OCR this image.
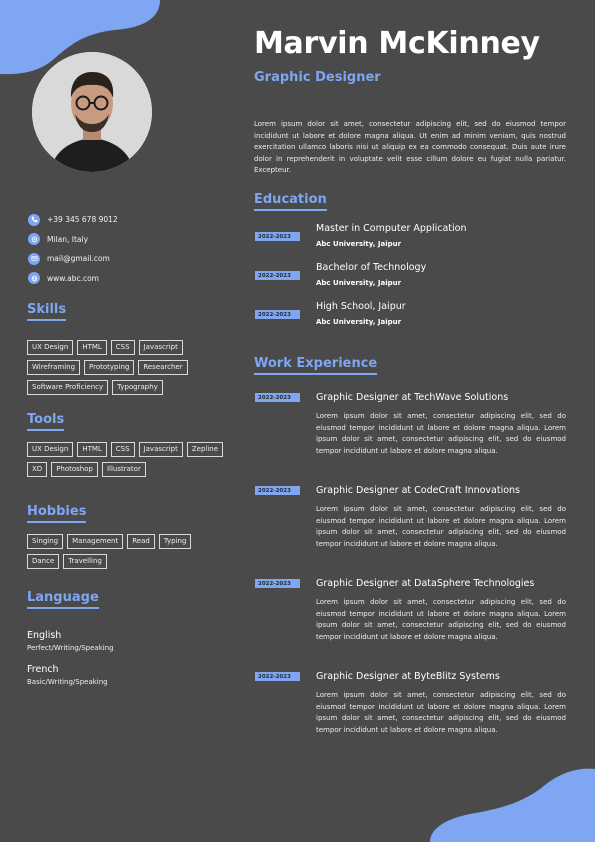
+39 345 678 9012
Milan, Italy
mail@gmail.com
www.abc.com
Skills
UX Design	HTML	CSS	Javascript
Wireframing	Prototyping	Researcher
Software Proficiency	Typography
Tools
UX Design	HTML	CSS	Javascript	Zepline
XD	Photoshop	Illustrator
Hobbies
Singing	Management	Read	Typing
Dance	Travelling
Language
English
Perfect/Writing/Speaking
French
Basic/Writing/Speaking
Marvin McKinney
Graphic Designer
Lorem ipsum dolor sit amet, consectetur adipiscing elit, sed do eiusmod tempor incididunt ut labore et dolore magna aliqua. Ut enim ad minim veniam, quis nostrud exercitation ullamco laboris nisi ut aliquip ex ea commodo consequat. Duis aute irure dolor in reprehenderit in voluptate velit esse cillum dolore eu fugiat nulla pariatur. Excepteur.
Education
2022-2023
Master in Computer Application
Abc University, Jaipur
2022-2023
Bachelor of Technology
Abc University, Jaipur
2022-2023
High School, Jaipur
Abc University, Jaipur
Work Experience
2022-2023	Graphic Designer at TechWave Solutions
Lorem ipsum dolor sit amet, consectetur adipiscing elit, sed do eiusmod tempor incididunt ut labore et dolore magna aliqua. Lorem ipsum dolor sit amet, consectetur adipiscing elit, sed do eiusmod tempor incididunt ut labore et dolore magna aliqua.
2022-2023	Graphic Designer at CodeCraft Innovations
Lorem ipsum dolor sit amet, consectetur adipiscing elit, sed do eiusmod tempor incididunt ut labore et dolore magna aliqua. Lorem ipsum dolor sit amet, consectetur adipiscing elit, sed do eiusmod tempor incididunt ut labore et dolore magna aliqua.
2022-2023	Graphic Designer at DataSphere Technologies
Lorem ipsum dolor sit amet, consectetur adipiscing elit, sed do eiusmod tempor incididunt ut labore et dolore magna aliqua. Lorem ipsum dolor sit amet, consectetur adipiscing elit, sed do eiusmod tempor incididunt ut labore et dolore magna aliqua.
2022-2023	Graphic Designer at ByteBlitz Systems
Lorem ipsum dolor sit amet, consectetur adipiscing elit, sed do eiusmod tempor incididunt ut labore et dolore magna aliqua. Lorem ipsum dolor sit amet, consectetur adipiscing elit, sed do eiusmod tempor incididunt ut labore et dolore magna aliqua.
